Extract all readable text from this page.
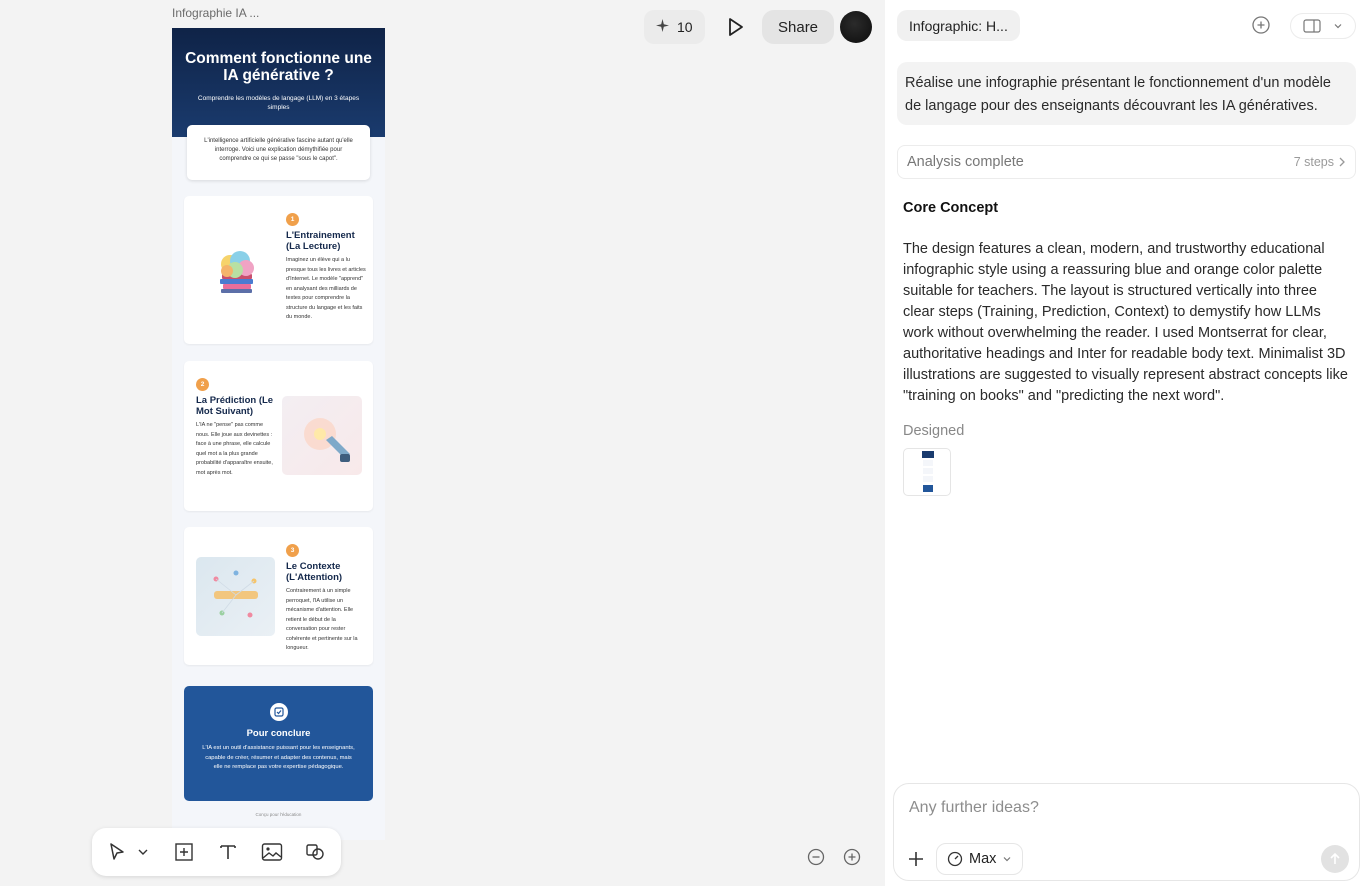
Infographie IA ...
Comment fonctionne une IA générative ?

Comprendre les modèles de langage (LLM) en 3 étapes simples

L'intelligence artificielle générative fascine autant qu'elle interroge. Voici une explication démythifiée pour comprendre ce qui se passe "sous le capot".
1
L'Entrainement (La Lecture)
Imaginez un élève qui a lu presque tous les livres et articles d'Internet. Le modèle "apprend" en analysant des milliards de textes pour comprendre la structure du langage et les faits du monde.
2
La Prédiction (Le Mot Suivant)
L'IA ne "pense" pas comme nous. Elle joue aux devinettes : face à une phrase, elle calcule quel mot a la plus grande probabilité d'apparaître ensuite, mot après mot.
3
Le Contexte (L'Attention)
Contrairement à un simple perroquet, l'IA utilise un mécanisme d'attention. Elle retient le début de la conversation pour rester cohérente et pertinente sur la longueur.
Pour conclure

L'IA est un outil d'assistance puissant pour les enseignants, capable de créer, résumer et adapter des contenus, mais elle ne remplace pas votre expertise pédagogique.

Conçu pour l'éducation
10	Share	Infographic: H...
Réalise une infographie présentant le fonctionnement d'un modèle de langage pour des enseignants découvrant les IA génératives.
Analysis complete	7 steps
Core Concept
The design features a clean, modern, and trustworthy educational infographic style using a reassuring blue and orange color palette suitable for teachers. The layout is structured vertically into three clear steps (Training, Prediction, Context) to demystify how LLMs work without overwhelming the reader. I used Montserrat for clear, authoritative headings and Inter for readable body text. Minimalist 3D illustrations are suggested to visually represent abstract concepts like "training on books" and "predicting the next word".
Designed
Any further ideas?
Max
